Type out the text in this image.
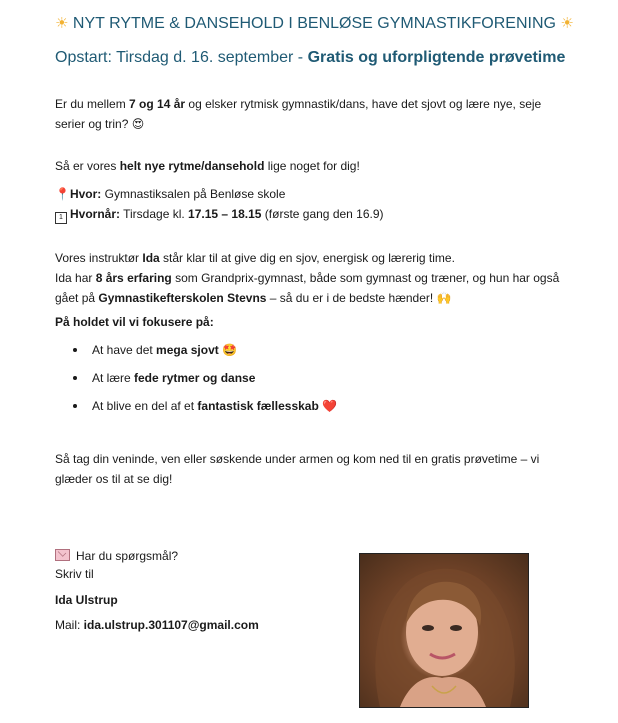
☀ NYT RYTME & DANSEHOLD I BENLØSE GYMNASTIKFORENING ☀
Opstart: Tirsdag d. 16. september - Gratis og uforpligtende prøvetime
Er du mellem 7 og 14 år og elsker rytmisk gymnastik/dans, have det sjovt og lære nye, seje serier og trin? 😍
Så er vores helt nye rytme/dansehold lige noget for dig!
📍Hvor: Gymnastiksalen på Benløse skole
1 Hvornår: Tirsdage kl. 17.15 – 18.15 (første gang den 16.9)
Vores instruktør Ida står klar til at give dig en sjov, energisk og lærerig time.
Ida har 8 års erfaring som Grandprix-gymnast, både som gymnast og træner, og hun har også gået på Gymnastikefterskolen Stevns – så du er i de bedste hænder! 🙌
På holdet vil vi fokusere på:
At have det mega sjovt 🤩
At lære fede rytmer og danse
At blive en del af et fantastisk fællesskab ❤️
Så tag din veninde, ven eller søskende under armen og kom ned til en gratis prøvetime – vi glæder os til at se dig!
Har du spørgsmål?
Skriv til
Ida Ulstrup
Mail: ida.ulstrup.301107@gmail.com
